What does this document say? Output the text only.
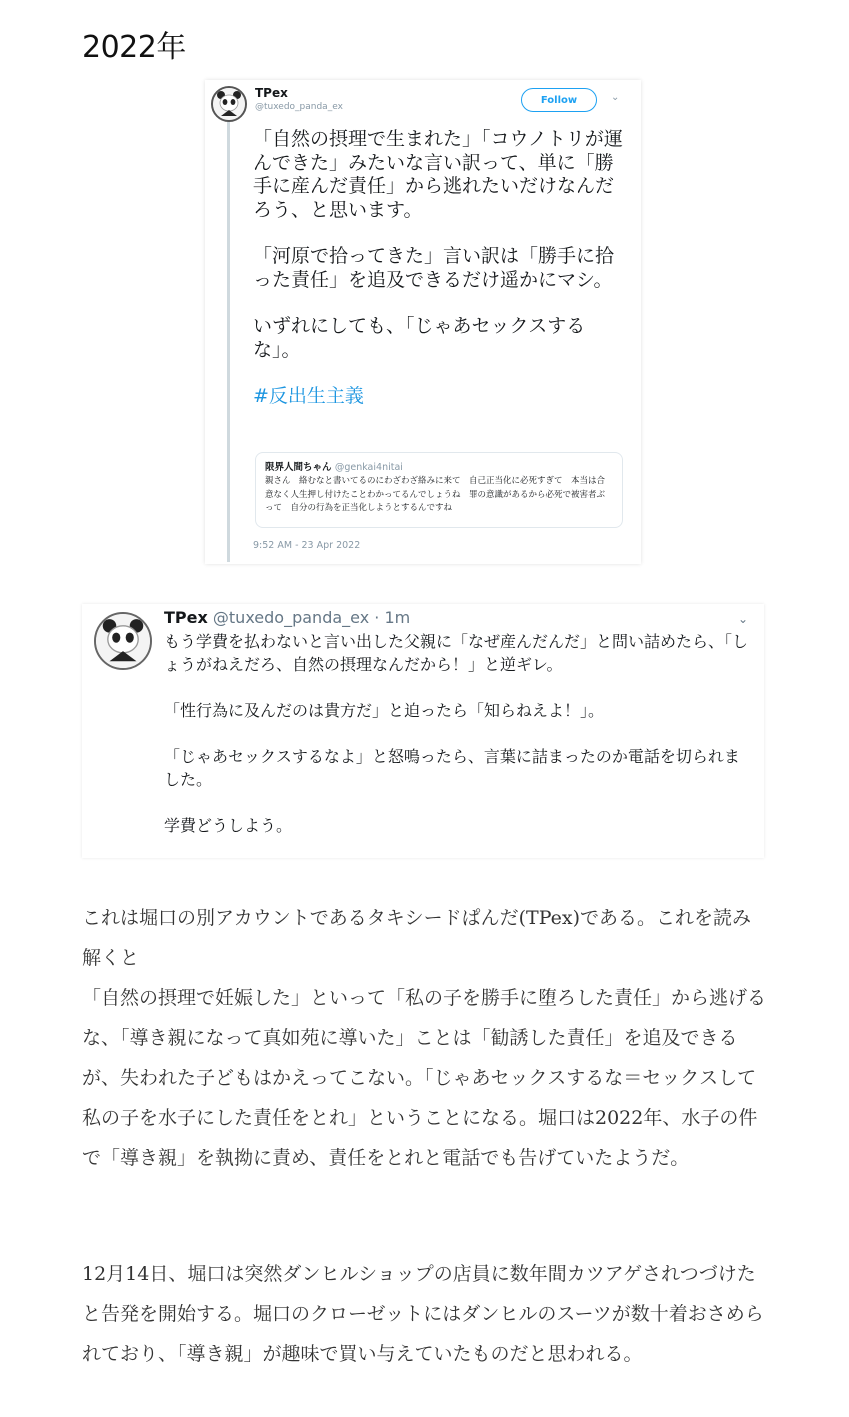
2022年
TPex
@tuxedo_panda_ex
Follow	⌄

「自然の摂理で生まれた」「コウノトリが運んできた」みたいな言い訳って、単に「勝手に産んだ責任」から逃れたいだけなんだろう、と思います。

「河原で拾ってきた」言い訳は「勝手に拾った責任」を追及できるだけ遥かにマシ。

いずれにしても、「じゃあセックスするな」。

#反出生主義

限界人間ちゃん @genkai4nitai
親さん　絡むなと書いてるのにわざわざ絡みに来て　自己正当化に必死すぎて　本当は合意なく人生押し付けたことわかってるんでしょうね　罪の意識があるから必死で被害者ぶって　自分の行為を正当化しようとするんですね
9:52 AM - 23 Apr 2022
TPex @tuxedo_panda_ex · 1m	⌄

もう学費を払わないと言い出した父親に「なぜ産んだんだ」と問い詰めたら、「しょうがねえだろ、自然の摂理なんだから！」と逆ギレ。

「性行為に及んだのは貴方だ」と迫ったら「知らねえよ！」。

「じゃあセックスするなよ」と怒鳴ったら、言葉に詰まったのか電話を切られました。

学費どうしよう。

これは堀口の別アカウントであるタキシードぱんだ(TPex)である。これを読み解くと

「自然の摂理で妊娠した」といって「私の子を勝手に堕ろした責任」から逃げるな、「導き親になって真如苑に導いた」ことは「勧誘した責任」を追及できるが、失われた子どもはかえってこない。「じゃあセックスするな＝セックスして私の子を水子にした責任をとれ」ということになる。堀口は2022年、水子の件で「導き親」を執拗に責め、責任をとれと電話でも告げていたようだ。

12月14日、堀口は突然ダンヒルショップの店員に数年間カツアゲされつづけたと告発を開始する。堀口のクローゼットにはダンヒルのスーツが数十着おさめられており、「導き親」が趣味で買い与えていたものだと思われる。
